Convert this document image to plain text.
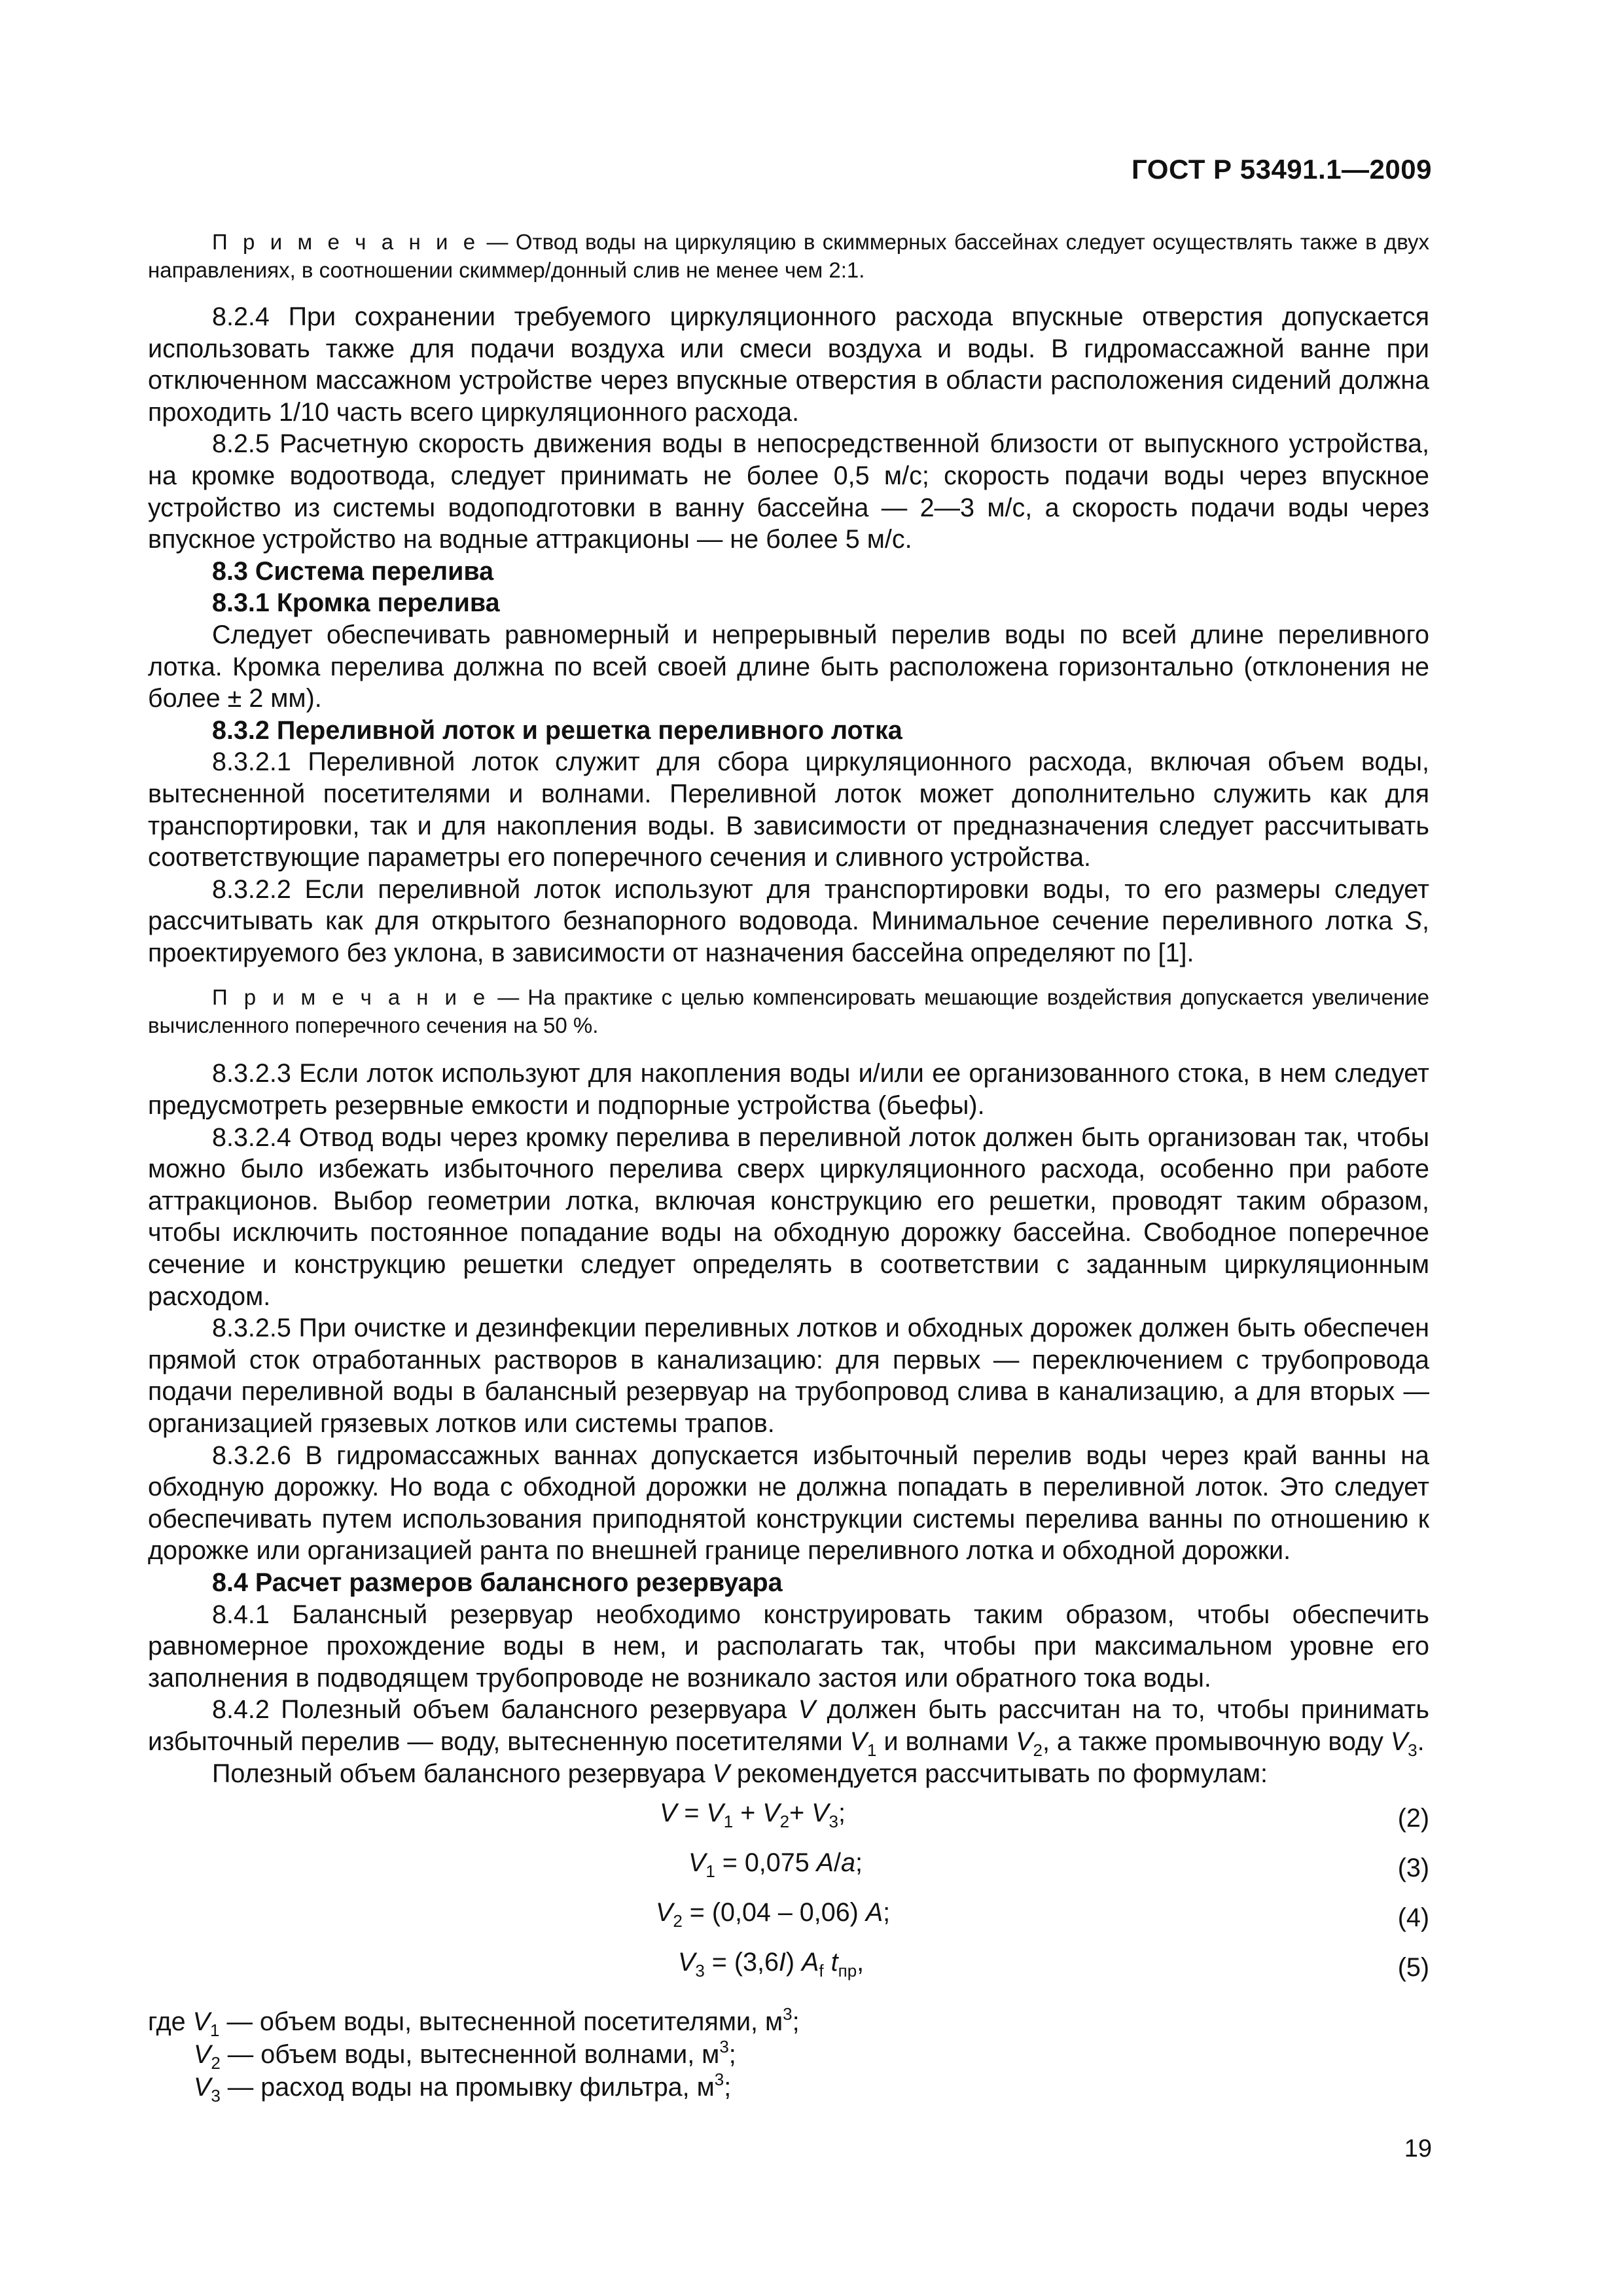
ГОСТ Р 53491.1—2009

П р и м е ч а н и е — Отвод воды на циркуляцию в скиммерных бассейнах следует осуществлять также в двух направлениях, в соотношении скиммер/донный слив не менее чем 2:1.

8.2.4 При сохранении требуемого циркуляционного расхода впускные отверстия допускается использовать также для подачи воздуха или смеси воздуха и воды. В гидромассажной ванне при отключенном массажном устройстве через впускные отверстия в области расположения сидений должна проходить 1/10 часть всего циркуляционного расхода.

8.2.5 Расчетную скорость движения воды в непосредственной близости от выпускного устройства, на кромке водоотвода, следует принимать не более 0,5 м/с; скорость подачи воды через впускное устройство из системы водоподготовки в ванну бассейна — 2—3 м/с, а скорость подачи воды через впускное устройство на водные аттракционы — не более 5 м/с.

8.3 Система перелива

8.3.1 Кромка перелива

Следует обеспечивать равномерный и непрерывный перелив воды по всей длине переливного лотка. Кромка перелива должна по всей своей длине быть расположена горизонтально (отклонения не более ± 2 мм).

8.3.2 Переливной лоток и решетка переливного лотка

8.3.2.1 Переливной лоток служит для сбора циркуляционного расхода, включая объем воды, вытесненной посетителями и волнами. Переливной лоток может дополнительно служить как для транспортировки, так и для накопления воды. В зависимости от предназначения следует рассчитывать соответствующие параметры его поперечного сечения и сливного устройства.

8.3.2.2 Если переливной лоток используют для транспортировки воды, то его размеры следует рассчитывать как для открытого безнапорного водовода. Минимальное сечение переливного лотка S, проектируемого без уклона, в зависимости от назначения бассейна определяют по [1].

П р и м е ч а н и е — На практике с целью компенсировать мешающие воздействия допускается увеличение вычисленного поперечного сечения на 50 %.

8.3.2.3 Если лоток используют для накопления воды и/или ее организованного стока, в нем следует предусмотреть резервные емкости и подпорные устройства (бьефы).

8.3.2.4 Отвод воды через кромку перелива в переливной лоток должен быть организован так, чтобы можно было избежать избыточного перелива сверх циркуляционного расхода, особенно при работе аттракционов. Выбор геометрии лотка, включая конструкцию его решетки, проводят таким образом, чтобы исключить постоянное попадание воды на обходную дорожку бассейна. Свободное поперечное сечение и конструкцию решетки следует определять в соответствии с заданным циркуляционным расходом.

8.3.2.5 При очистке и дезинфекции переливных лотков и обходных дорожек должен быть обеспечен прямой сток отработанных растворов в канализацию: для первых — переключением с трубопровода подачи переливной воды в балансный резервуар на трубопровод слива в канализацию, а для вторых — организацией грязевых лотков или системы трапов.

8.3.2.6 В гидромассажных ваннах допускается избыточный перелив воды через край ванны на обходную дорожку. Но вода с обходной дорожки не должна попадать в переливной лоток. Это следует обеспечивать путем использования приподнятой конструкции системы перелива ванны по отношению к дорожке или организацией ранта по внешней границе переливного лотка и обходной дорожки.

8.4 Расчет размеров балансного резервуара

8.4.1 Балансный резервуар необходимо конструировать таким образом, чтобы обеспечить равномерное прохождение воды в нем, и располагать так, чтобы при максимальном уровне его заполнения в подводящем трубопроводе не возникало застоя или обратного тока воды.

8.4.2 Полезный объем балансного резервуара V должен быть рассчитан на то, чтобы принимать избыточный перелив — воду, вытесненную посетителями $V_1$ и волнами $V_2$, а также промывочную воду $V_3$.

Полезный объем балансного резервуара V рекомендуется рассчитывать по формулам:

$V = V_1 + V_2+ V_3$;	(2)
$V_1 = 0,075$ A/a;	(3)
$V_2 = (0,04 - 0,06)$ A;	(4)
$V_3 = (3,6I)$ $A_f$ $t_{пр}$,	(5)
где $V_1$ — объем воды, вытесненной посетителями, $м^3$;
$V_2$ — объем воды, вытесненной волнами, $м^3$;
$V_3$ — расход воды на промывку фильтра, $м^3$;
19
